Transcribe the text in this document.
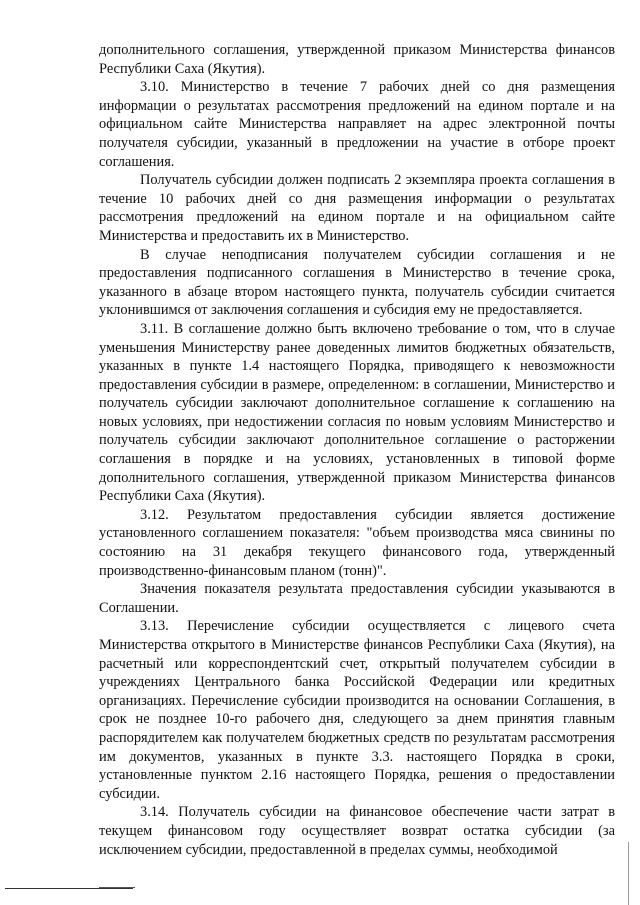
дополнительного соглашения, утвержденной приказом Министерства финансов Республики Саха (Якутия).

3.10. Министерство в течение 7 рабочих дней со дня размещения информации о результатах рассмотрения предложений на едином портале и на официальном сайте Министерства направляет на адрес электронной почты получателя субсидии, указанный в предложении на участие в отборе проект соглашения.

Получатель субсидии должен подписать 2 экземпляра проекта соглашения в течение 10 рабочих дней со дня размещения информации о результатах рассмотрения предложений на едином портале и на официальном сайте Министерства и предоставить их в Министерство.

В случае неподписания получателем субсидии соглашения и не предоставления подписанного соглашения в Министерство в течение срока, указанного в абзаце втором настоящего пункта, получатель субсидии считается уклонившимся от заключения соглашения и субсидия ему не предоставляется.

3.11. В соглашение должно быть включено требование о том, что в случае уменьшения Министерству ранее доведенных лимитов бюджетных обязательств, указанных в пункте 1.4 настоящего Порядка, приводящего к невозможности предоставления субсидии в размере, определенном: в соглашении, Министерство и получатель субсидии заключают дополнительное соглашение к соглашению на новых условиях, при недостижении согласия по новым условиям Министерство и получатель субсидии заключают дополнительное соглашение о расторжении соглашения в порядке и на условиях, установленных в типовой форме дополнительного соглашения, утвержденной приказом Министерства финансов Республики Саха (Якутия).

3.12. Результатом предоставления субсидии является достижение установленного соглашением показателя: "объем производства мяса свинины по состоянию на 31 декабря текущего финансового года, утвержденный производственно-финансовым планом (тонн)".

Значения показателя результата предоставления субсидии указываются в Соглашении.

3.13. Перечисление субсидии осуществляется с лицевого счета Министерства открытого в Министерстве финансов Республики Саха (Якутия), на расчетный или корреспондентский счет, открытый получателем субсидии в учреждениях Центрального банка Российской Федерации или кредитных организациях. Перечисление субсидии производится на основании Соглашения, в срок не позднее 10-го рабочего дня, следующего за днем принятия главным распорядителем как получателем бюджетных средств по результатам рассмотрения им документов, указанных в пункте 3.3. настоящего Порядка в сроки, установленные пунктом 2.16 настоящего Порядка, решения о предоставлении субсидии.

3.14. Получатель субсидии на финансовое обеспечение части затрат в текущем финансовом году осуществляет возврат остатка субсидии (за исключением субсидии, предоставленной в пределах суммы, необходимой
